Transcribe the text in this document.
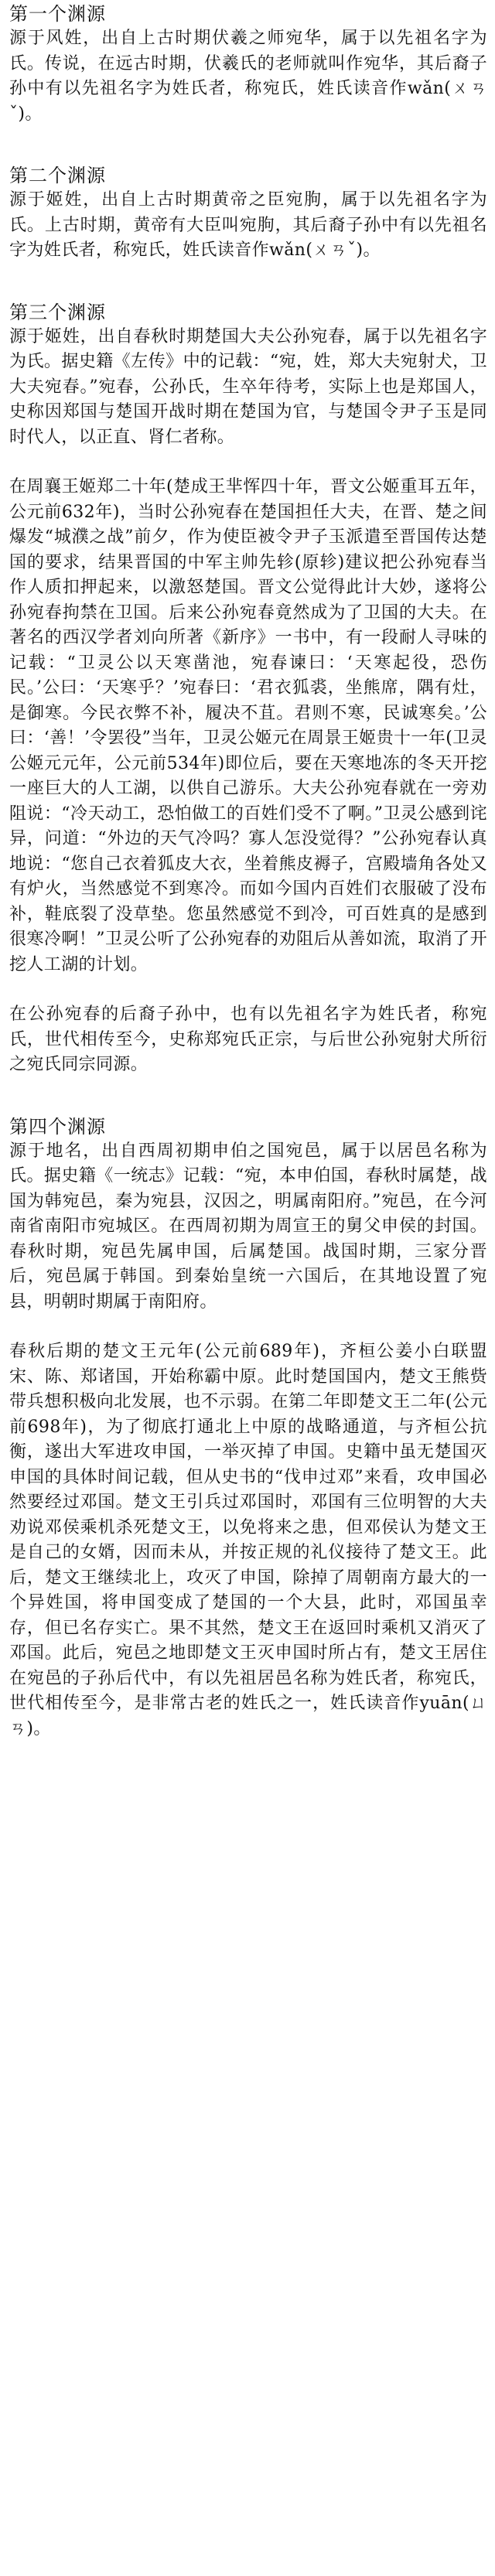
第一个渊源

源于风姓，出自上古时期伏羲之师宛华，属于以先祖名字为氏。传说，在远古时期，伏羲氏的老师就叫作宛华，其后裔子孙中有以先祖名字为姓氏者，称宛氏，姓氏读音作wǎn(ㄨㄢˇ)。

第二个渊源

源于姬姓，出自上古时期黄帝之臣宛朐，属于以先祖名字为氏。上古时期，黄帝有大臣叫宛朐，其后裔子孙中有以先祖名字为姓氏者，称宛氏，姓氏读音作wǎn(ㄨㄢˇ)。

第三个渊源

源于姬姓，出自春秋时期楚国大夫公孙宛春，属于以先祖名字为氏。据史籍《左传》中的记载：“宛，姓，郑大夫宛射犬，卫大夫宛春。”宛春，公孙氏，生卒年待考，实际上也是郑国人，史称因郑国与楚国开战时期在楚国为官，与楚国令尹子玉是同时代人，以正直、肾仁者称。

在周襄王姬郑二十年(楚成王芈恽四十年，晋文公姬重耳五年，公元前632年)，当时公孙宛春在楚国担任大夫，在晋、楚之间爆发“城濮之战”前夕，作为使臣被令尹子玉派遣至晋国传达楚国的要求，结果晋国的中军主帅先轸(原轸)建议把公孙宛春当作人质扣押起来，以激怒楚国。晋文公觉得此计大妙，遂将公孙宛春拘禁在卫国。后来公孙宛春竟然成为了卫国的大夫。在著名的西汉学者刘向所著《新序》一书中，有一段耐人寻味的记载：“卫灵公以天寒凿池，宛春谏曰：‘天寒起役，恐伤民。’公曰：‘天寒乎？’宛春曰：‘君衣狐裘，坐熊席，隅有灶，是御寒。今民衣弊不补，履决不苴。君则不寒，民诚寒矣。’公曰：‘善！’令罢役”当年，卫灵公姬元在周景王姬贵十一年(卫灵公姬元元年，公元前534年)即位后，要在天寒地冻的冬天开挖一座巨大的人工湖，以供自己游乐。大夫公孙宛春就在一旁劝阻说：“冷天动工，恐怕做工的百姓们受不了啊。”卫灵公感到诧异，问道：“外边的天气冷吗？寡人怎没觉得？”公孙宛春认真地说：“您自己衣着狐皮大衣，坐着熊皮褥子，宫殿墙角各处又有炉火，当然感觉不到寒冷。而如今国内百姓们衣服破了没布补，鞋底裂了没草垫。您虽然感觉不到冷，可百姓真的是感到很寒冷啊！”卫灵公听了公孙宛春的劝阻后从善如流，取消了开挖人工湖的计划。

在公孙宛春的后裔子孙中，也有以先祖名字为姓氏者，称宛氏，世代相传至今，史称郑宛氏正宗，与后世公孙宛射犬所衍之宛氏同宗同源。

第四个渊源

源于地名，出自西周初期申伯之国宛邑，属于以居邑名称为氏。据史籍《一统志》记载：“宛，本申伯国，春秋时属楚，战国为韩宛邑，秦为宛县，汉因之，明属南阳府。”宛邑，在今河南省南阳市宛城区。在西周初期为周宣王的舅父申侯的封国。春秋时期，宛邑先属申国，后属楚国。战国时期，三家分晋后，宛邑属于韩国。到秦始皇统一六国后，在其地设置了宛县，明朝时期属于南阳府。

春秋后期的楚文王元年(公元前689年)，齐桓公姜小白联盟宋、陈、郑诸国，开始称霸中原。此时楚国国内，楚文王熊赀带兵想积极向北发展，也不示弱。在第二年即楚文王二年(公元前698年)，为了彻底打通北上中原的战略通道，与齐桓公抗衡，遂出大军进攻申国，一举灭掉了申国。史籍中虽无楚国灭申国的具体时间记载，但从史书的“伐申过邓”来看，攻申国必然要经过邓国。楚文王引兵过邓国时，邓国有三位明智的大夫劝说邓侯乘机杀死楚文王，以免将来之患，但邓侯认为楚文王是自己的女婿，因而未从，并按正规的礼仪接待了楚文王。此后，楚文王继续北上，攻灭了申国，除掉了周朝南方最大的一个异姓国，将申国变成了楚国的一个大县，此时，邓国虽幸存，但已名存实亡。果不其然，楚文王在返回时乘机又消灭了邓国。此后，宛邑之地即楚文王灭申国时所占有，楚文王居住在宛邑的子孙后代中，有以先祖居邑名称为姓氏者，称宛氏，世代相传至今，是非常古老的姓氏之一，姓氏读音作yuān(ㄩㄢ)。
